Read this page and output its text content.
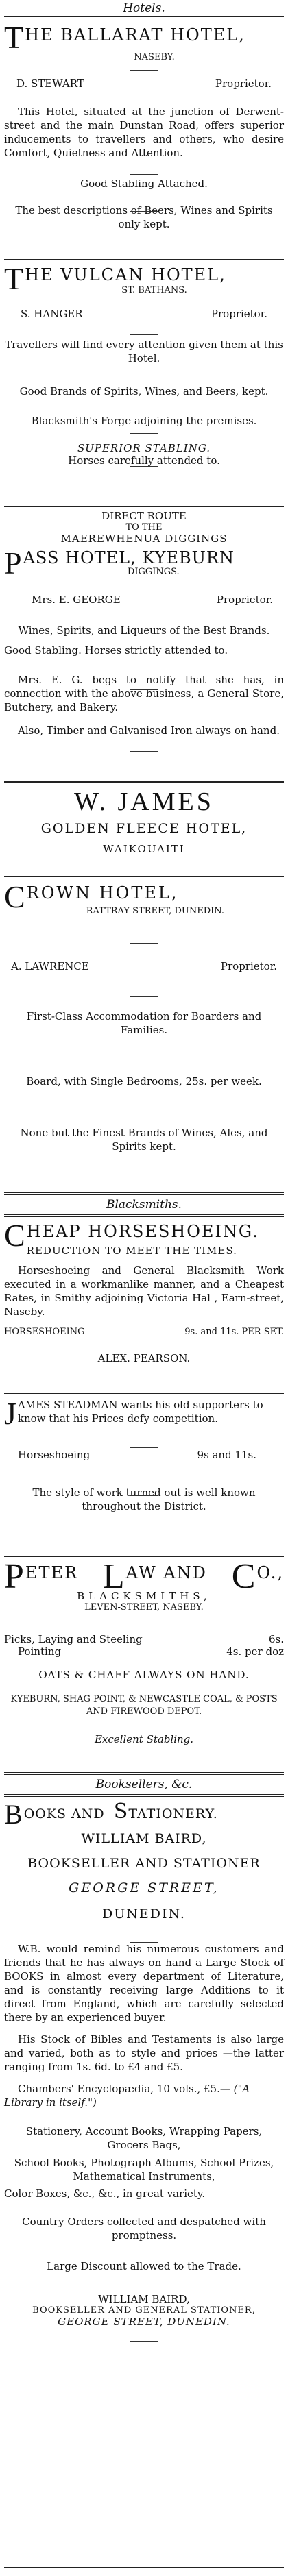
Hotels.
T HE BALLARAT HOTEL,
NASEBY.
D. STEWART	Proprietor.

This Hotel, situated at the junction of Derwent-street and the main Dunstan Road, offers superior inducements to travellers and others, who desire Comfort, Quietness and Attention.

Good Stabling Attached.

The best descriptions of Beers, Wines and Spirits only kept.

T HE VULCAN HOTEL,
ST. BATHANS.
S. HANGER	Proprietor.

Travellers will find every attention given them at this Hotel.

Good Brands of Spirits, Wines, and Beers, kept.

Blacksmith's Forge adjoining the premises.

SUPERIOR STABLING.

Horses carefully attended to.

DIRECT ROUTE
TO THE
MAEREWHENUA DIGGINGS
P ASS HOTEL, KYEBURN
DIGGINGS.
Mrs. E. GEORGE	Proprietor.

Wines, Spirits, and Liqueurs of the Best Brands.

Good Stabling. Horses strictly attended to.

Mrs. E. G. begs to notify that she has, in connection with the above business, a General Store, Butchery, and Bakery.

Also, Timber and Galvanised Iron always on hand.

W. JAMES
GOLDEN FLEECE HOTEL,
WAIKOUAITI
C ROWN HOTEL,
RATTRAY STREET, DUNEDIN.
A. LAWRENCE	Proprietor.

First-Class Accommodation for Boarders and Families.

Board, with Single Bedrooms, 25s. per week.

None but the Finest Brands of Wines, Ales, and Spirits kept.

Blacksmiths.
C HEAP HORSESHOEING.
REDUCTION TO MEET THE TIMES.

Horseshoeing and General Blacksmith Work executed in a workmanlike manner, and a Cheapest Rates, in Smithy adjoining Victoria Hal , Earn-street, Naseby.

HORSESHOEING	9s. and 11s. PER SET.

ALEX. PEARSON.

J AMES STEADMAN wants his old supporters to know that his Prices defy competition.
Horseshoeing	9s and 11s.

The style of work turned out is well known throughout the District.

PETER LAW AND C O.,
BLACKSMITHS,
LEVEN-STREET, NASEBY.
Picks, Laying and Steeling	6s.
Pointing	4s. per doz

OATS & CHAFF ALWAYS ON HAND.

KYEBURN, SHAG POINT, & NEWCASTLE COAL, & POSTS AND FIREWOOD DEPOT.

Excellent Stabling.

Booksellers, &c.
BOOKS AND STATIONERY.
WILLIAM BAIRD,
BOOKSELLER AND STATIONER
GEORGE STREET,
DUNEDIN.

W.B. would remind his numerous customers and friends that he has always on hand a Large Stock of BOOKS in almost every department of Literature, and is constantly receiving large Additions to it direct from England, which are carefully selected there by an experienced buyer.

His Stock of Bibles and Testaments is also large and varied, both as to style and prices —the latter ranging from 1s. 6d. to £4 and £5.

Chambers' Encyclopædia, 10 vols., £5.— ("A Library in itself.")

Stationery, Account Books, Wrapping Papers, Grocers Bags,

School Books, Photograph Albums, School Prizes, Mathematical Instruments,

Color Boxes, &c., &c., in great variety.

Country Orders collected and despatched with promptness.

Large Discount allowed to the Trade.

WILLIAM BAIRD,
BOOKSELLER AND GENERAL STATIONER,
GEORGE STREET, DUNEDIN.
